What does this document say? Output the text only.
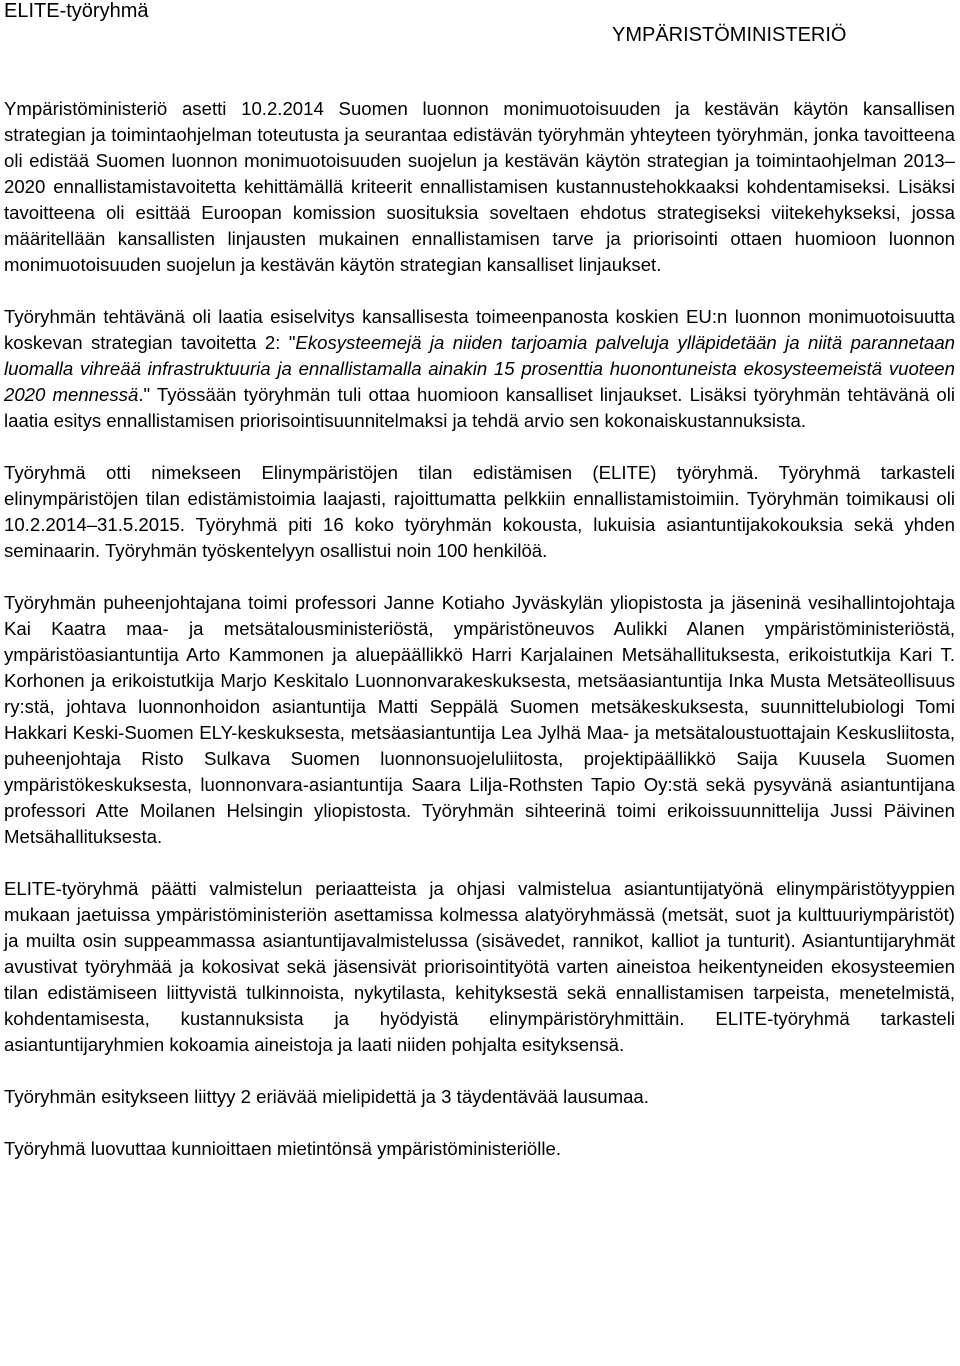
ELITE-työryhmä
YMPÄRISTÖMINISTERIÖ

Ympäristöministeriö asetti 10.2.2014 Suomen luonnon monimuotoisuuden ja kestävän käytön kansallisen strategian ja toimintaohjelman toteutusta ja seurantaa edistävän työryhmän yhteyteen työryhmän, jonka tavoitteena oli edistää Suomen luonnon monimuotoisuuden suojelun ja kestävän käytön strategian ja toimintaohjelman 2013–2020 ennallistamistavoitetta kehittämällä kriteerit ennallistamisen kustannustehokkaaksi kohdentamiseksi. Lisäksi tavoitteena oli esittää Euroopan komission suosituksia soveltaen ehdotus strategiseksi viitekehykseksi, jossa määritellään kansallisten linjausten mukainen ennallistamisen tarve ja priorisointi ottaen huomioon luonnon monimuotoisuuden suojelun ja kestävän käytön strategian kansalliset linjaukset.

Työryhmän tehtävänä oli laatia esiselvitys kansallisesta toimeenpanosta koskien EU:n luonnon monimuotoisuutta koskevan strategian tavoitetta 2: "Ekosysteemejä ja niiden tarjoamia palveluja ylläpidetään ja niitä parannetaan luomalla vihreää infrastruktuuria ja ennallistamalla ainakin 15 prosenttia huonontuneista ekosysteemeistä vuoteen 2020 mennessä." Työssään työryhmän tuli ottaa huomioon kansalliset linjaukset. Lisäksi työryhmän tehtävänä oli laatia esitys ennallistamisen priorisointisuunnitelmaksi ja tehdä arvio sen kokonaiskustannuksista.

Työryhmä otti nimekseen Elinympäristöjen tilan edistämisen (ELITE) työryhmä. Työryhmä tarkasteli elinympäristöjen tilan edistämistoimia laajasti, rajoittumatta pelkkiin ennallistamistoimiin. Työryhmän toimikausi oli 10.2.2014–31.5.2015. Työryhmä piti 16 koko työryhmän kokousta, lukuisia asiantuntijakokouksia sekä yhden seminaarin. Työryhmän työskentelyyn osallistui noin 100 henkilöä.

Työryhmän puheenjohtajana toimi professori Janne Kotiaho Jyväskylän yliopistosta ja jäseninä vesihallintojohtaja Kai Kaatra maa- ja metsätalousministeriöstä, ympäristöneuvos Aulikki Alanen ympäristöministeriöstä, ympäristöasiantuntija Arto Kammonen ja aluepäällikkö Harri Karjalainen Metsähallituksesta, erikoistutkija Kari T. Korhonen ja erikoistutkija Marjo Keskitalo Luonnonvarakeskuksesta, metsäasiantuntija Inka Musta Metsäteollisuus ry:stä, johtava luonnonhoidon asiantuntija Matti Seppälä Suomen metsäkeskuksesta, suunnittelubiologi Tomi Hakkari Keski-Suomen ELY-keskuksesta, metsäasiantuntija Lea Jylhä Maa- ja metsätaloustuottajain Keskusliitosta, puheenjohtaja Risto Sulkava Suomen luonnonsuojeluliitosta, projektipäällikkö Saija Kuusela Suomen ympäristökeskuksesta, luonnonvara-asiantuntija Saara Lilja-Rothsten Tapio Oy:stä sekä pysyvänä asiantuntijana professori Atte Moilanen Helsingin yliopistosta. Työryhmän sihteerinä toimi erikoissuunnittelija Jussi Päivinen Metsähallituksesta.

ELITE-työryhmä päätti valmistelun periaatteista ja ohjasi valmistelua asiantuntijatyönä elinympäristötyyppien mukaan jaetuissa ympäristöministeriön asettamissa kolmessa alatyöryhmässä (metsät, suot ja kulttuuriympäristöt) ja muilta osin suppeammassa asiantuntijavalmistelussa (sisävedet, rannikot, kalliot ja tunturit). Asiantuntijaryhmät avustivat työryhmää ja kokosivat sekä jäsensivät priorisointityötä varten aineistoa heikentyneiden ekosysteemien tilan edistämiseen liittyvistä tulkinnoista, nykytilasta, kehityksestä sekä ennallistamisen tarpeista, menetelmistä, kohdentamisesta, kustannuksista ja hyödyistä elinympäristöryhmittäin. ELITE-työryhmä tarkasteli asiantuntijaryhmien kokoamia aineistoja ja laati niiden pohjalta esityksensä.

Työryhmän esitykseen liittyy 2 eriävää mielipidettä ja 3 täydentävää lausumaa.

Työryhmä luovuttaa kunnioittaen mietintönsä ympäristöministeriölle.
